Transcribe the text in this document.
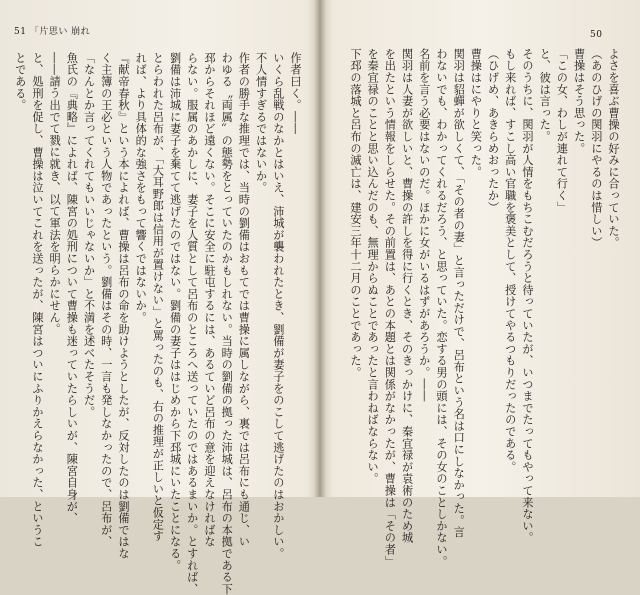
51 「片思い 崩れ
作者曰く。――
いくら乱戦のなかとはいえ、沛城が襲われたとき、劉備が妻子をのこして逃げたのはおかしい。
不人情すぎるではないか。
作者の勝手な推理では、当時の劉備はおもてでは曹操に属しながら、裏では呂布にも通じ、い
わゆる〝両属〟の態勢をとっていたのかもしれない。当時の劉備の拠った沛城は、呂布の本拠である下
邳からそれほど遠くない。そこに安全に駐屯するには、あるていど呂布の意を迎えなければな
らない。服属のあかしに、妻子を人質として呂布のところへ送っていたのではあるまいか。とすれば、
劉備は沛城に妻子を棄てて逃げたのではない。劉備の妻子ははじめから下邳城にいたことになる。
とらわれた呂布が、「大耳野郎は信用が置けない」と罵ったのも、右の推理が正しいと仮定す
れば、より具体的な強さをもって響くではないか。
『献帝春秋』という本によれば、曹操は呂布の命を助けようとしたが、反対したのは劉備ではな
く主簿の王必という人物であったという。劉備はその時、一言も発しなかったので、呂布が、
「なんとか言ってくれてもいいじゃないか」と不満を述べたそうだ。
魚氏の『典略』によれば、陳宮の処刑について曹操も迷っていたらしいが、陳宮自身が、
――請う出でて戮に就き、以て軍法を明らかにせん。
と、処刑を促し、曹操は泣いてこれを送ったが、陳宮はついにふりかえらなかった、というこ
とである。
50
よさを喜ぶ曹操の好みに合っていた。
（あのひげの関羽にやるのは惜しい）
曹操はそう思った。
「この女、わしが連れて行く」
と、彼は言った。
そのうちに、関羽が人情をもちこむだろうと待っていたが、いつまでたってもやって来ない。
もし来れば、すこし高い官職を褒美として、授けてやるつもりだったのである。
（ひげめ、あきらめおったか）
曹操はにやりと笑った。
関羽は貂蟬が欲しくて、「その者の妻」と言っただけで、呂布という名は口にしなかった。言
わないでも、わかってくれるだろう、と思っていた。恋する男の頭には、その女のことしかない。
名前を言う必要はないのだ。ほかに女がいるはずがあろうか。――
関羽は人妻が欲しいと、曹操の許しを得に行くとき、そのきっかけに、秦宜禄が袁術のため城
を出たという情報をしらせた。その前置は、あとの本題とは関係がなかったが、曹操は「その者」
を秦宜禄のことと思い込んだのも、無理からぬことであったと言わねばならない。
下邳の落城と呂布の滅亡は、建安三年十二月のことであった。
